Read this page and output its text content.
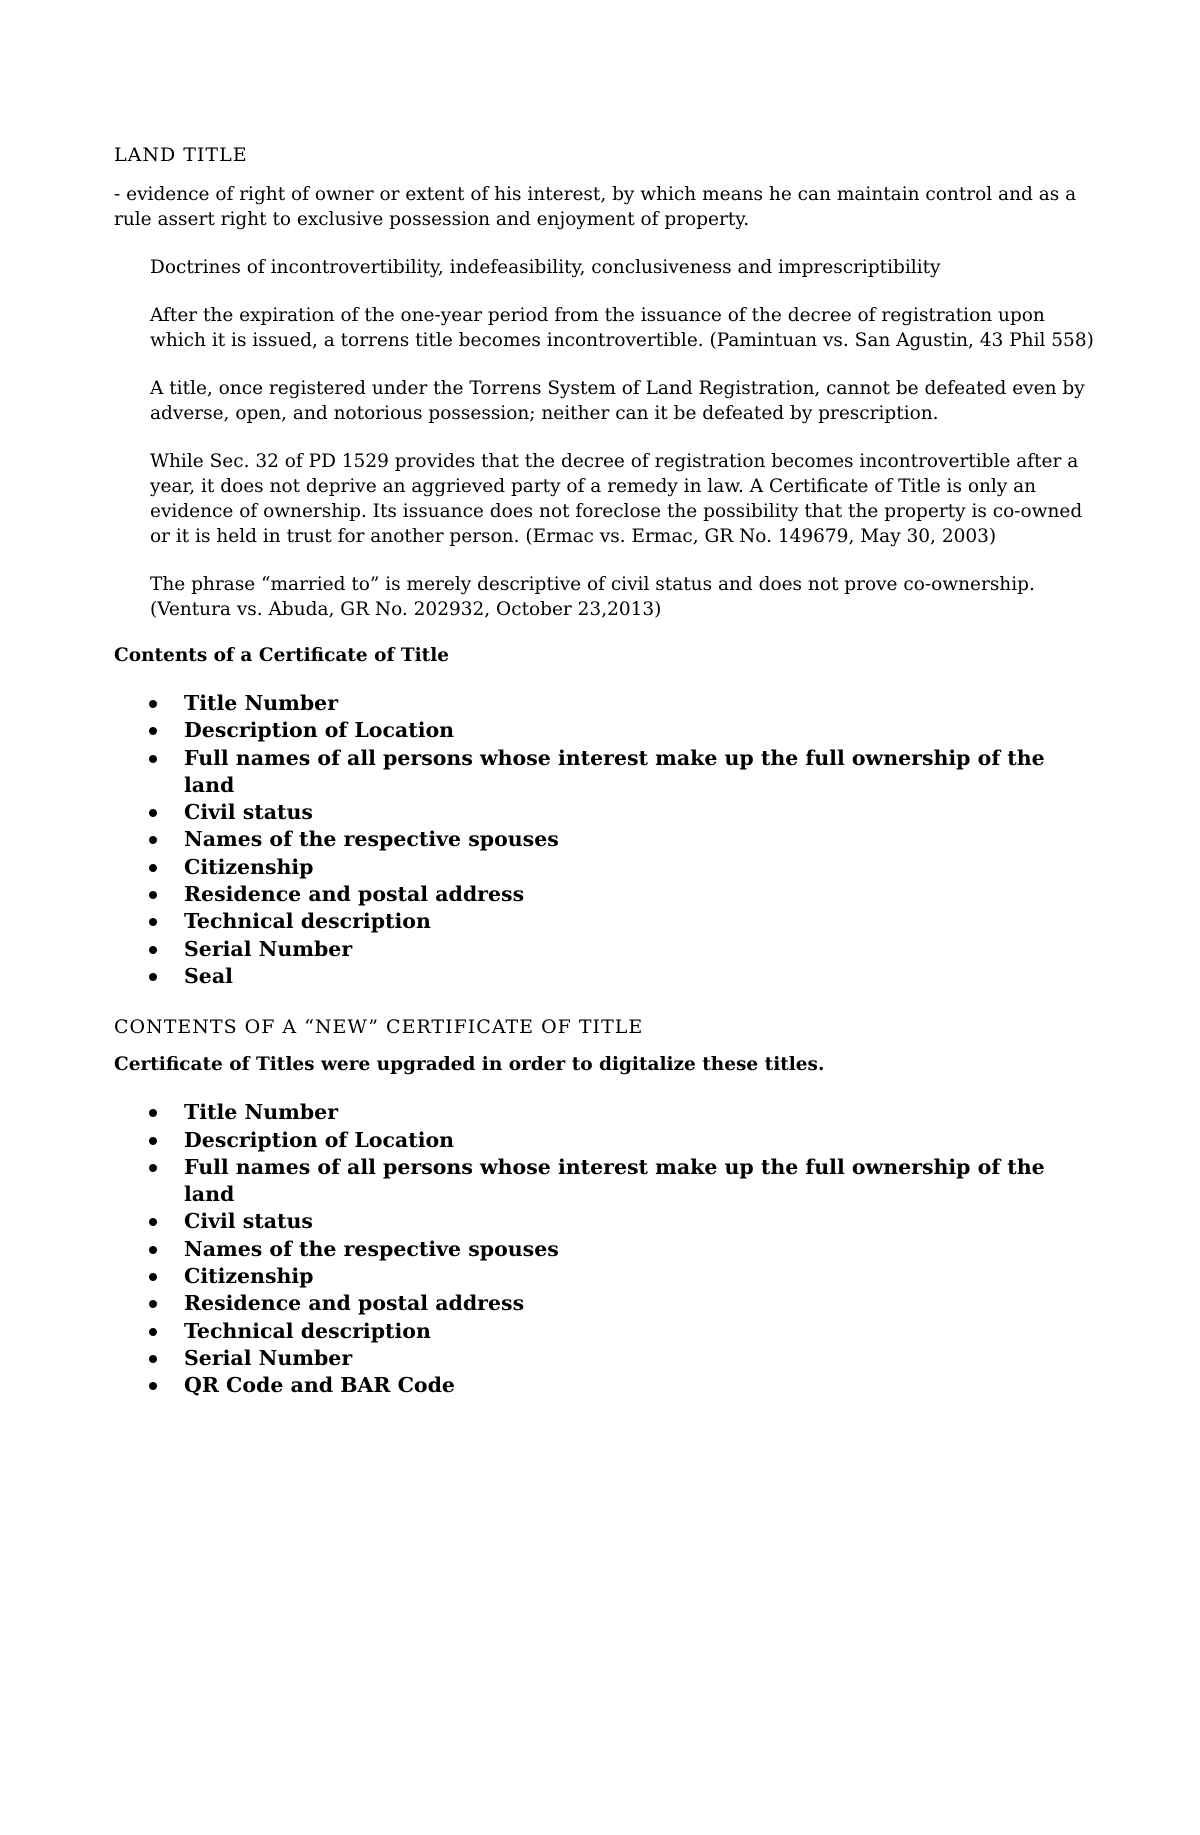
LAND TITLE

- evidence of right of owner or extent of his interest, by which means he can maintain control and as a rule assert right to exclusive possession and enjoyment of property.

Doctrines of incontrovertibility, indefeasibility, conclusiveness and imprescriptibility

After the expiration of the one-year period from the issuance of the decree of registration upon which it is issued, a torrens title becomes incontrovertible. (Pamintuan vs. San Agustin, 43 Phil 558)

A title, once registered under the Torrens System of Land Registration, cannot be defeated even by adverse, open, and notorious possession; neither can it be defeated by prescription.

While Sec. 32 of PD 1529 provides that the decree of registration becomes incontrovertible after a year, it does not deprive an aggrieved party of a remedy in law. A Certificate of Title is only an evidence of ownership. Its issuance does not foreclose the possibility that the property is co-owned or it is held in trust for another person. (Ermac vs. Ermac, GR No. 149679, May 30, 2003)

The phrase “married to” is merely descriptive of civil status and does not prove co-ownership. (Ventura vs. Abuda, GR No. 202932, October 23,2013)

Contents of a Certificate of Title

Title Number
Description of Location
Full names of all persons whose interest make up the full ownership of the land
Civil status
Names of the respective spouses
Citizenship
Residence and postal address
Technical description
Serial Number
Seal
CONTENTS OF A “NEW” CERTIFICATE OF TITLE

Certificate of Titles were upgraded in order to digitalize these titles.

Title Number
Description of Location
Full names of all persons whose interest make up the full ownership of the land
Civil status
Names of the respective spouses
Citizenship
Residence and postal address
Technical description
Serial Number
QR Code and BAR Code
